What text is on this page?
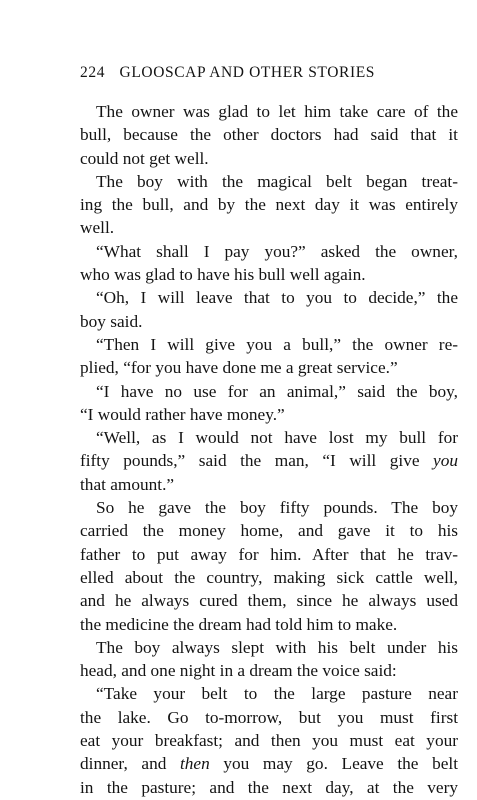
224 GLOOSCAP AND OTHER STORIES
The owner was glad to let him take care of the
bull, because the other doctors had said that it
could not get well.
The boy with the magical belt began treat-
ing the bull, and by the next day it was entirely
well.
“What shall I pay you?” asked the owner,
who was glad to have his bull well again.
“Oh, I will leave that to you to decide,” the
boy said.
“Then I will give you a bull,” the owner re-
plied, “for you have done me a great service.”
“I have no use for an animal,” said the boy,
“I would rather have money.”
“Well, as I would not have lost my bull for
fifty pounds,” said the man, “I will give you
that amount.”
So he gave the boy fifty pounds. The boy
carried the money home, and gave it to his
father to put away for him. After that he trav-
elled about the country, making sick cattle well,
and he always cured them, since he always used
the medicine the dream had told him to make.
The boy always slept with his belt under his
head, and one night in a dream the voice said:
“Take your belt to the large pasture near
the lake. Go to-morrow, but you must first
eat your breakfast; and then you must eat your
dinner, and then you may go. Leave the belt
in the pasture; and the next day, at the very
